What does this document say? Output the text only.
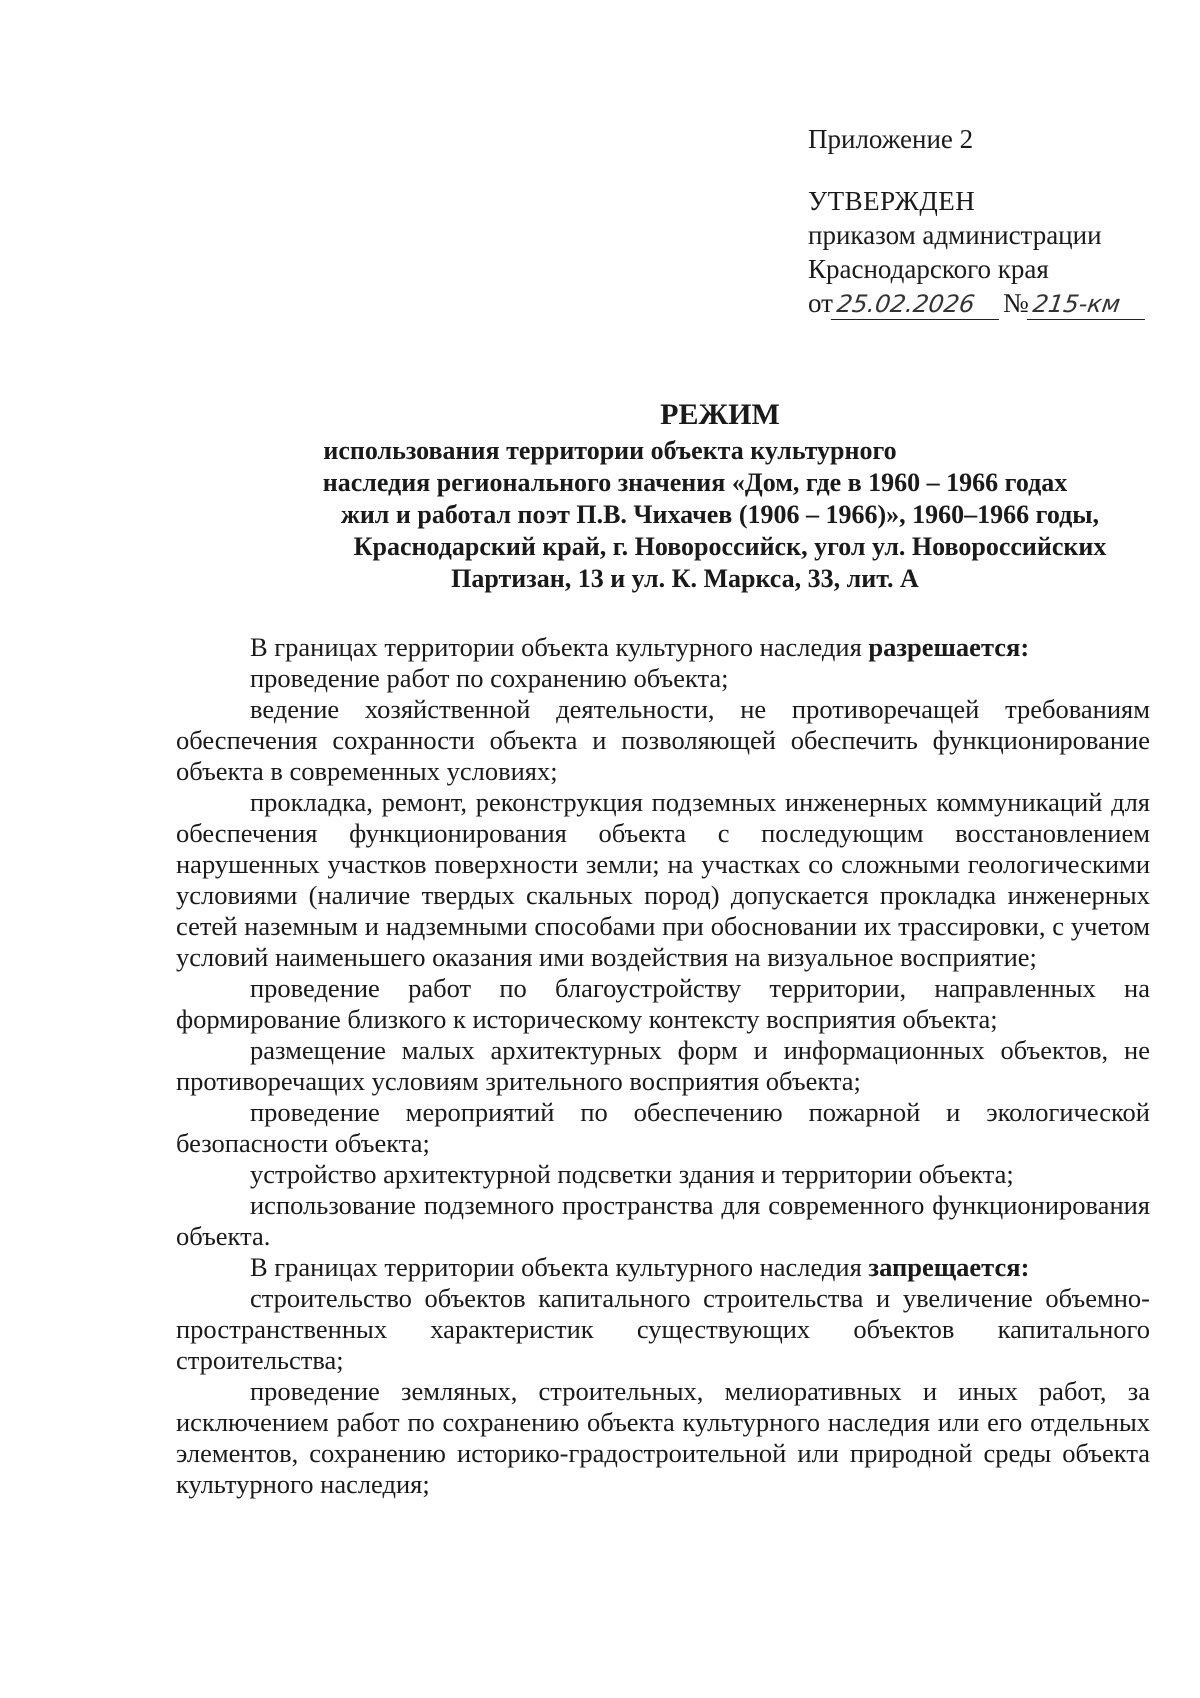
Приложение 2
УТВЕРЖДЕН
приказом администрации
Краснодарского края
от 25.02.2026 № 215-км
РЕЖИМ
использования территории объекта культурного
наследия регионального значения «Дом, где в 1960 – 1966 годах
жил и работал поэт П.В. Чихачев (1906 – 1966)», 1960–1966 годы,
Краснодарский край, г. Новороссийск, угол ул. Новороссийских
Партизан, 13 и ул. К. Маркса, 33, лит. А

В границах территории объекта культурного наследия разрешается:

проведение работ по сохранению объекта;

ведение хозяйственной деятельности, не противоречащей требованиям обеспечения сохранности объекта и позволяющей обеспечить функционирование объекта в современных условиях;

прокладка, ремонт, реконструкция подземных инженерных коммуникаций для обеспечения функционирования объекта с последующим восстановлением нарушенных участков поверхности земли; на участках со сложными геологическими условиями (наличие твердых скальных пород) допускается прокладка инженерных сетей наземным и надземными способами при обосновании их трассировки, с учетом условий наименьшего оказания ими воздействия на визуальное восприятие;

проведение работ по благоустройству территории, направленных на формирование близкого к историческому контексту восприятия объекта;

размещение малых архитектурных форм и информационных объектов, не противоречащих условиям зрительного восприятия объекта;

проведение мероприятий по обеспечению пожарной и экологической безопасности объекта;

устройство архитектурной подсветки здания и территории объекта;

использование подземного пространства для современного функционирования объекта.

В границах территории объекта культурного наследия запрещается:

строительство объектов капитального строительства и увеличение объемно-пространственных характеристик существующих объектов капитального строительства;

проведение земляных, строительных, мелиоративных и иных работ, за исключением работ по сохранению объекта культурного наследия или его отдельных элементов, сохранению историко-градостроительной или природной среды объекта культурного наследия;
